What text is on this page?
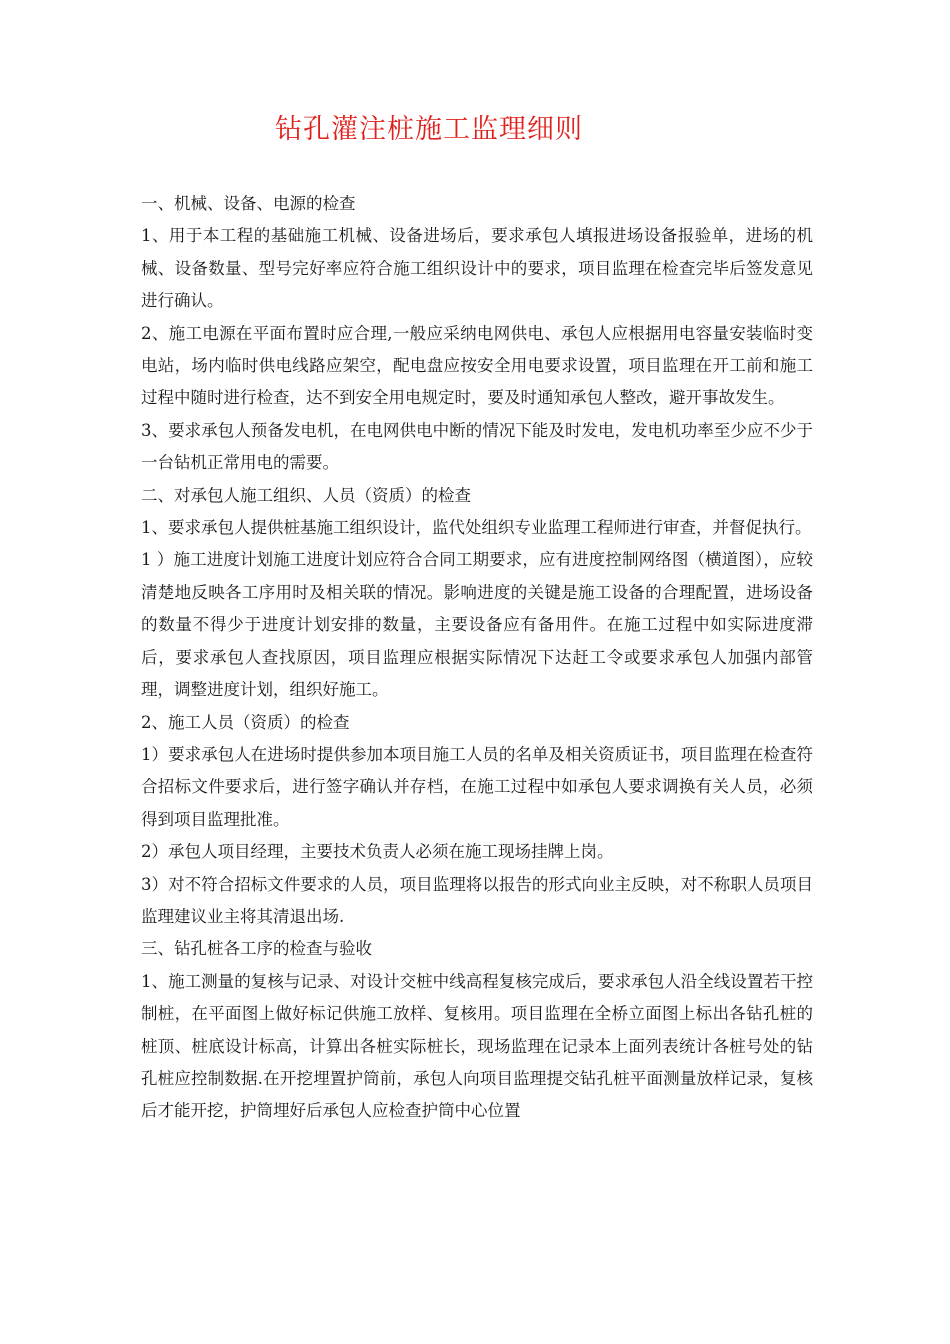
钻孔灌注桩施工监理细则

一、机械、设备、电源的检查

1、用于本工程的基础施工机械、设备进场后，要求承包人填报进场设备报验单，进场的机械、设备数量、型号完好率应符合施工组织设计中的要求，项目监理在检查完毕后签发意见进行确认。

2、施工电源在平面布置时应合理,一般应采纳电网供电、承包人应根据用电容量安装临时变电站，场内临时供电线路应架空，配电盘应按安全用电要求设置，项目监理在开工前和施工过程中随时进行检查，达不到安全用电规定时，要及时通知承包人整改，避开事故发生。

3、要求承包人预备发电机，在电网供电中断的情况下能及时发电，发电机功率至少应不少于一台钻机正常用电的需要。

二、对承包人施工组织、人员（资质）的检查

1、要求承包人提供桩基施工组织设计，监代处组织专业监理工程师进行审查，并督促执行。

1 ）施工进度计划施工进度计划应符合合同工期要求，应有进度控制网络图（横道图），应较清楚地反映各工序用时及相关联的情况。影响进度的关键是施工设备的合理配置，进场设备的数量不得少于进度计划安排的数量，主要设备应有备用件。在施工过程中如实际进度滞后，要求承包人查找原因，项目监理应根据实际情况下达赶工令或要求承包人加强内部管理，调整进度计划，组织好施工。

2、施工人员（资质）的检查

1）要求承包人在进场时提供参加本项目施工人员的名单及相关资质证书，项目监理在检查符合招标文件要求后，进行签字确认并存档，在施工过程中如承包人要求调换有关人员，必须得到项目监理批准。

2）承包人项目经理，主要技术负责人必须在施工现场挂牌上岗。

3）对不符合招标文件要求的人员，项目监理将以报告的形式向业主反映，对不称职人员项目监理建议业主将其清退出场.

三、钻孔桩各工序的检查与验收

1、施工测量的复核与记录、对设计交桩中线高程复核完成后，要求承包人沿全线设置若干控制桩，在平面图上做好标记供施工放样、复核用。项目监理在全桥立面图上标出各钻孔桩的桩顶、桩底设计标高，计算出各桩实际桩长，现场监理在记录本上面列表统计各桩号处的钻孔桩应控制数据.在开挖埋置护筒前，承包人向项目监理提交钻孔桩平面测量放样记录，复核后才能开挖，护筒埋好后承包人应检查护筒中心位置
